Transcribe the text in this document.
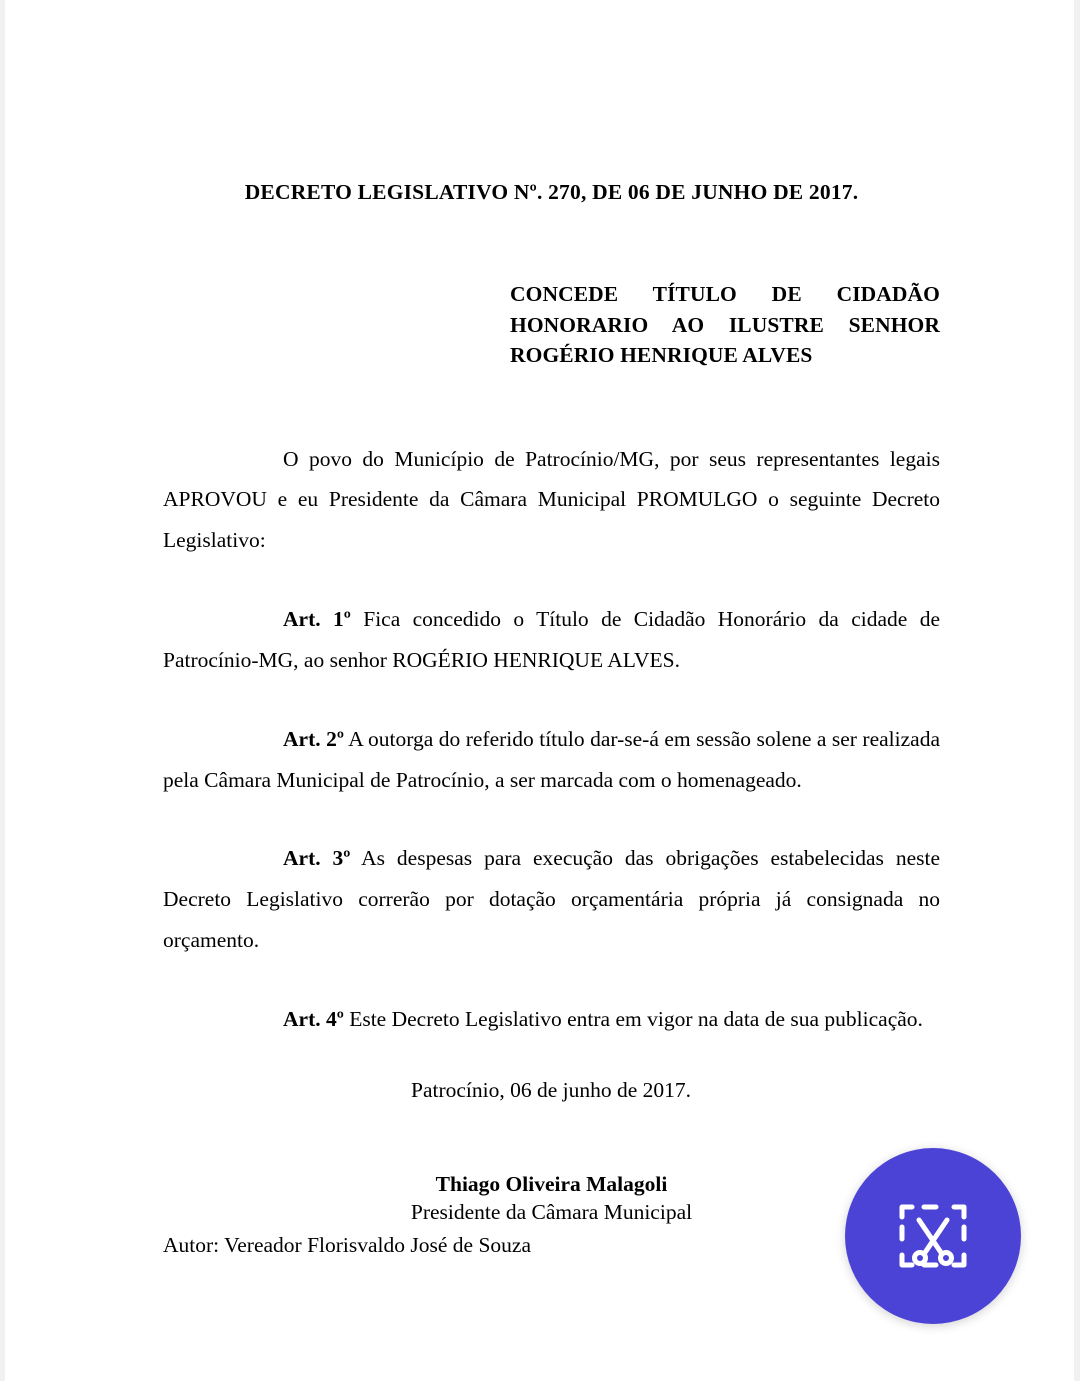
DECRETO LEGISLATIVO Nº. 270, DE 06 DE JUNHO DE 2017.
CONCEDE TÍTULO DE CIDADÃO HONORARIO AO ILUSTRE SENHOR ROGÉRIO HENRIQUE ALVES
O povo do Município de Patrocínio/MG, por seus representantes legais APROVOU e eu Presidente da Câmara Municipal PROMULGO o seguinte Decreto Legislativo:
Art. 1º Fica concedido o Título de Cidadão Honorário da cidade de Patrocínio-MG, ao senhor ROGÉRIO HENRIQUE ALVES.
Art. 2º A outorga do referido título dar-se-á em sessão solene a ser realizada pela Câmara Municipal de Patrocínio, a ser marcada com o homenageado.
Art. 3º As despesas para execução das obrigações estabelecidas neste Decreto Legislativo correrão por dotação orçamentária própria já consignada no orçamento.
Art. 4º Este Decreto Legislativo entra em vigor na data de sua publicação.
Patrocínio, 06 de junho de 2017.
Thiago Oliveira Malagoli
Presidente da Câmara Municipal
Autor: Vereador Florisvaldo José de Souza
